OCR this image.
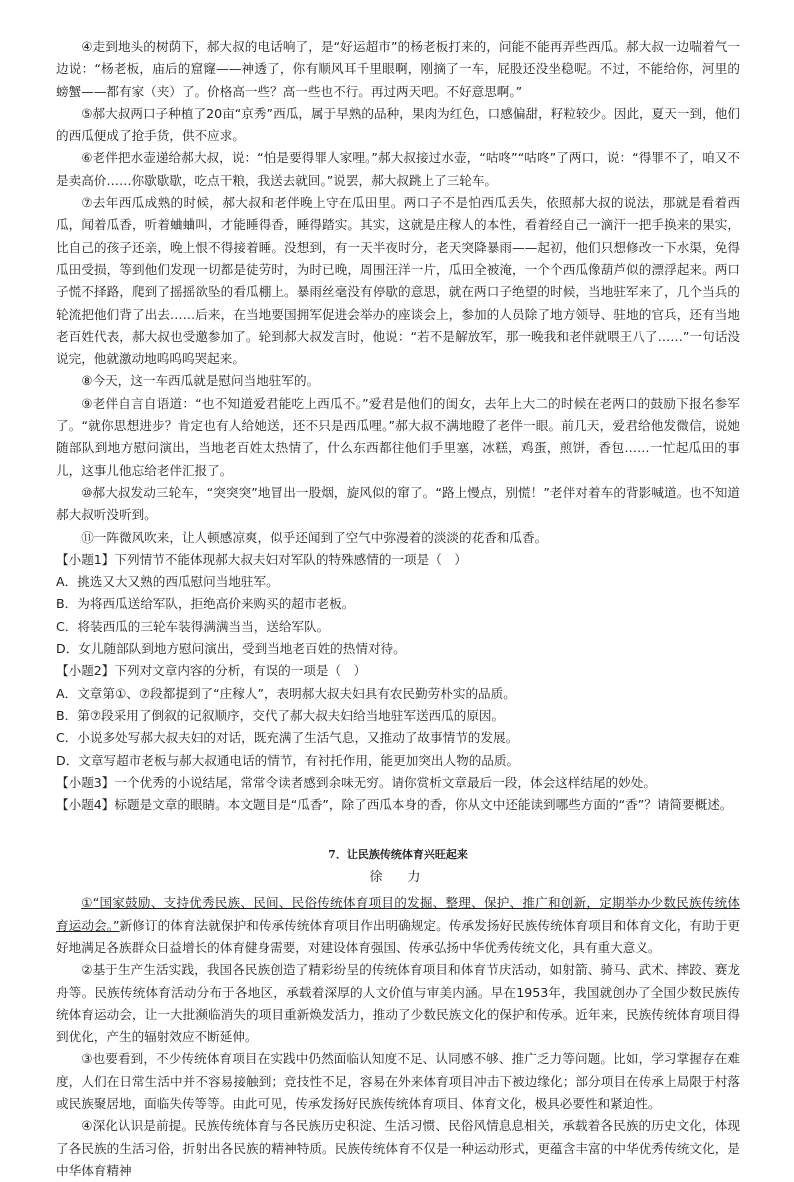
④走到地头的树荫下，郝大叔的电话响了，是“好运超市”的杨老板打来的，问能不能再弄些西瓜。郝大叔一边喘着气一边说：“杨老板，庙后的窟窿——神透了，你有顺风耳千里眼啊，刚摘了一车，屁股还没坐稳呢。不过，不能给你，河里的螃蟹——都有家（夹）了。价格高一些？高一些也不行。再过两天吧。不好意思啊。”

⑤郝大叔两口子种植了20亩“京秀”西瓜，属于早熟的品种，果肉为红色，口感偏甜，籽粒较少。因此，夏天一到，他们的西瓜便成了抢手货，供不应求。

⑥老伴把水壶递给郝大叔，说：“怕是要得罪人家哩。”郝大叔接过水壶，“咕咚”“咕咚”了两口，说：“得罪不了，咱又不是卖高价……你歇歇歇，吃点干粮，我送去就回。”说罢，郝大叔跳上了三轮车。

⑦去年西瓜成熟的时候，郝大叔和老伴晚上守在瓜田里。两口子不是怕西瓜丢失，依照郝大叔的说法，那就是看着西瓜，闻着瓜香，听着蛐蛐叫，才能睡得香，睡得踏实。其实，这就是庄稼人的本性，看着经自己一滴汗一把手换来的果实，比自己的孩子还亲，晚上恨不得接着睡。没想到，有一天半夜时分，老天突降暴雨——起初，他们只想修改一下水渠，免得瓜田受损，等到他们发现一切都是徒劳时，为时已晚，周围汪洋一片，瓜田全被淹，一个个西瓜像葫芦似的漂浮起来。两口子慌不择路，爬到了摇摇欲坠的看瓜棚上。暴雨丝毫没有停歇的意思，就在两口子绝望的时候，当地驻军来了，几个当兵的轮流把他们背了出去……后来，在当地要国拥军促进会举办的座谈会上，参加的人员除了地方领导、驻地的官兵，还有当地老百姓代表，郝大叔也受邀参加了。轮到郝大叔发言时，他说：“若不是解放军，那一晚我和老伴就喂王八了……”一句话没说完，他就激动地呜呜呜哭起来。

⑧今天，这一车西瓜就是慰问当地驻军的。

⑨老伴自言自语道：“也不知道爱君能吃上西瓜不。”爱君是他们的闺女，去年上大二的时候在老两口的鼓励下报名参军了。“就你思想进步？肯定也有人给她送，还不只是西瓜哩。”郝大叔不满地瞪了老伴一眼。前几天，爱君给他发微信，说她随部队到地方慰问演出，当地老百姓太热情了，什么东西都往他们手里塞，冰糕，鸡蛋，煎饼，香包……一忙起瓜田的事儿，这事儿他忘给老伴汇报了。

⑩郝大叔发动三轮车，“突突突”地冒出一股烟，旋风似的窜了。“路上慢点，别慌！”老伴对着车的背影喊道。也不知道郝大叔听没听到。

⑪一阵微风吹来，让人顿感凉爽，似乎还闻到了空气中弥漫着的淡淡的花香和瓜香。

【小题1】下列情节不能体现郝大叔夫妇对军队的特殊感情的一项是（　）

A．挑选又大又熟的西瓜慰问当地驻军。

B．为将西瓜送给军队，拒绝高价来购买的超市老板。

C．将装西瓜的三轮车装得满满当当，送给军队。

D．女儿随部队到地方慰问演出，受到当地老百姓的热情对待。

【小题2】下列对文章内容的分析，有误的一项是（　）

A．文章第①、⑦段都提到了“庄稼人”，表明郝大叔夫妇具有农民勤劳朴实的品质。

B．第⑦段采用了倒叙的记叙顺序，交代了郝大叔夫妇给当地驻军送西瓜的原因。

C．小说多处写郝大叔夫妇的对话，既充满了生活气息，又推动了故事情节的发展。

D．文章写超市老板与郝大叔通电话的情节，有衬托作用，能更加突出人物的品质。

【小题3】一个优秀的小说结尾，常常令读者感到余味无穷。请你赏析文章最后一段，体会这样结尾的妙处。

【小题4】标题是文章的眼睛。本文题目是“瓜香”，除了西瓜本身的香，你从文中还能读到哪些方面的“香”？请简要概述。

7．让民族传统体育兴旺起来

徐　力

①“国家鼓励、支持优秀民族、民间、民俗传统体育项目的发掘、整理、保护、推广和创新，定期举办少数民族传统体育运动会。”新修订的体育法就保护和传承传统体育项目作出明确规定。传承发扬好民族传统体育项目和体育文化，有助于更好地满足各族群众日益增长的体育健身需要，对建设体育强国、传承弘扬中华优秀传统文化，具有重大意义。

②基于生产生活实践，我国各民族创造了精彩纷呈的传统体育项目和体育节庆活动，如射箭、骑马、武术、摔跤、赛龙舟等。民族传统体育活动分布于各地区，承载着深厚的人文价值与审美内涵。早在1953年，我国就创办了全国少数民族传统体育运动会，让一大批濒临消失的项目重新焕发活力，推动了少数民族文化的保护和传承。近年来，民族传统体育项目得到优化，产生的辐射效应不断延伸。

③也要看到，不少传统体育项目在实践中仍然面临认知度不足、认同感不够、推广乏力等问题。比如，学习掌握存在难度，人们在日常生活中并不容易接触到；竞技性不足，容易在外来体育项目冲击下被边缘化；部分项目在传承上局限于村落或民族聚居地，面临失传等等。由此可见，传承发扬好民族传统体育项目、体育文化，极具必要性和紧迫性。

④深化认识是前提。民族传统体育与各民族历史积淀、生活习惯、民俗风情息息相关，承载着各民族的历史文化，体现了各民族的生活习俗，折射出各民族的精神特质。民族传统体育不仅是一种运动形式，更蕴含丰富的中华优秀传统文化，是中华体育精神
